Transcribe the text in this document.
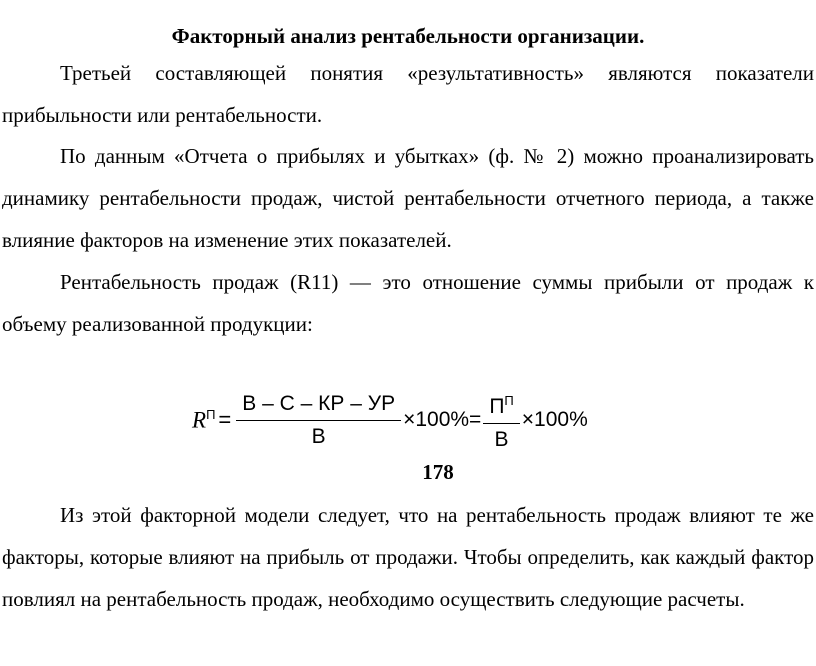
Факторный анализ рентабельности организации.
Третьей составляющей понятия «результативность» являются показатели прибыльности или рентабельности.
По данным «Отчета о прибылях и убытках» (ф. № 2) можно проанализировать динамику рентабельности продаж, чистой рентабельности отчетного периода, а также влияние факторов на изменение этих показателей.
Рентабельность продаж (R11) — это отношение суммы прибыли от продаж к объему реализованной продукции:
$R^П = \frac{В - С - КР - УР}{В} \times 100\%= \frac{П^П}{В} \times 100\%$
178
Из этой факторной модели следует, что на рентабельность продаж влияют те же факторы, которые влияют на прибыль от продажи. Чтобы определить, как каждый фактор повлиял на рентабельность продаж, необходимо осуществить следующие расчеты.
